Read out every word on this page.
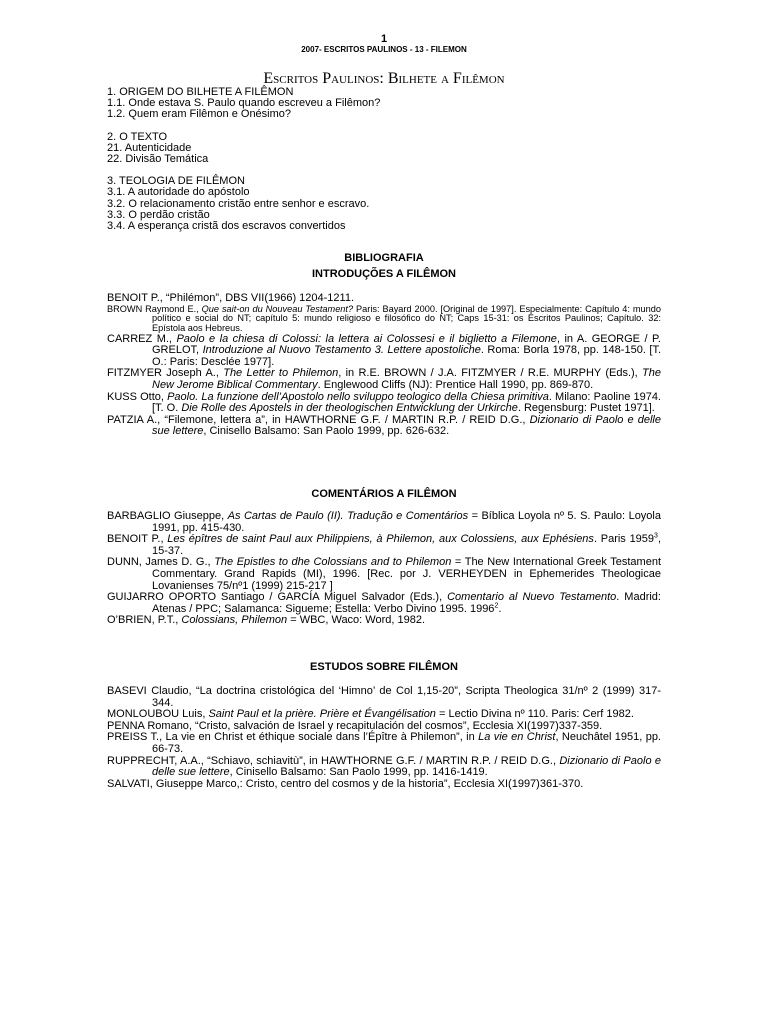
1
2007- ESCRITOS PAULINOS - 13 - FILEMON
Escritos Paulinos: Bilhete a Filêmon
1. ORIGEM DO BILHETE A FILÊMON
1.1. Onde estava S. Paulo quando escreveu a Filêmon?
1.2. Quem eram Filêmon e Onésimo?
2. O TEXTO
21. Autenticidade
22. Divisão Temática
3. TEOLOGIA DE FILÊMON
3.1. A autoridade do apóstolo
3.2. O relacionamento cristão entre senhor e escravo.
3.3. O perdão cristão
3.4. A esperança cristã dos escravos convertidos
BIBLIOGRAFIA
INTRODUÇÕES A FILÊMON
BENOIT P., “Philémon”, DBS VII(1966) 1204-1211.
BROWN Raymond E., Que sait-on du Nouveau Testament? Paris: Bayard 2000. [Original de 1997]. Especialmente: Capítulo 4: mundo político e social do NT; capítulo 5: mundo religioso e filosófico do NT; Caps 15-31: os Escritos Paulinos; Capítulo. 32: Epístola aos Hebreus.
CARREZ M., Paolo e la chiesa di Colossi: la lettera ai Colossesi e il biglietto a Filemone, in A. GEORGE / P. GRELOT, Introduzione al Nuovo Testamento 3. Lettere apostoliche. Roma: Borla 1978, pp. 148-150. [T. O.: Paris: Desclée 1977].
FITZMYER Joseph A., The Letter to Philemon, in R.E. BROWN / J.A. FITZMYER / R.E. MURPHY (Eds.), The New Jerome Biblical Commentary. Englewood Cliffs (NJ): Prentice Hall 1990, pp. 869-870.
KUSS Otto, Paolo. La funzione dell’Apostolo nello sviluppo teologico della Chiesa primitiva. Milano: Paoline 1974. [T. O. Die Rolle des Apostels in der theologischen Entwicklung der Urkirche. Regensburg: Pustet 1971].
PATZIA A., “Filemone, lettera a”, in HAWTHORNE G.F. / MARTIN R.P. / REID D.G., Dizionario di Paolo e delle sue lettere, Cinisello Balsamo: San Paolo 1999, pp. 626-632.
COMENTÁRIOS A FILÊMON
BARBAGLIO Giuseppe, As Cartas de Paulo (II). Tradução e Comentários = Bíblica Loyola nº 5. S. Paulo: Loyola 1991, pp. 415-430.
BENOIT P., Les épîtres de saint Paul aux Philippiens, à Philemon, aux Colossiens, aux Ephésiens. Paris 1959$^3$, 15-37.
DUNN, James D. G., The Epistles to dhe Colossians and to Philemon = The New International Greek Testament Commentary. Grand Rapids (MI), 1996. [Rec. por J. VERHEYDEN in Ephemerides Theologicae Lovanienses 75/nº1 (1999) 215-217 ]
GUIJARRO OPORTO Santiago / GARCÍA Miguel Salvador (Eds.), Comentario al Nuevo Testamento. Madrid: Atenas / PPC; Salamanca: Sigueme; Estella: Verbo Divino 1995. 1996$^2$.
O’BRIEN, P.T., Colossians, Philemon = WBC, Waco: Word, 1982.
ESTUDOS SOBRE FILÊMON
BASEVI Claudio, “La doctrina cristológica del ‘Himno’ de Col 1,15-20”, Scripta Theologica 31/nº 2 (1999) 317-344.
MONLOUBOU Luis, Saint Paul et la prière. Prière et Évangélisation = Lectio Divina nº 110. Paris: Cerf 1982.
PENNA Romano, “Cristo, salvación de Israel y recapitulación del cosmos”, Ecclesia XI(1997)337-359.
PREISS T., La vie en Christ et éthique sociale dans l’Épître à Philemon”, in La vie en Christ, Neuchâtel 1951, pp. 66-73.
RUPPRECHT, A.A., “Schiavo, schiavitù”, in HAWTHORNE G.F. / MARTIN R.P. / REID D.G., Dizionario di Paolo e delle sue lettere, Cinisello Balsamo: San Paolo 1999, pp. 1416-1419.
SALVATI, Giuseppe Marco,: Cristo, centro del cosmos y de la historia”, Ecclesia XI(1997)361-370.
